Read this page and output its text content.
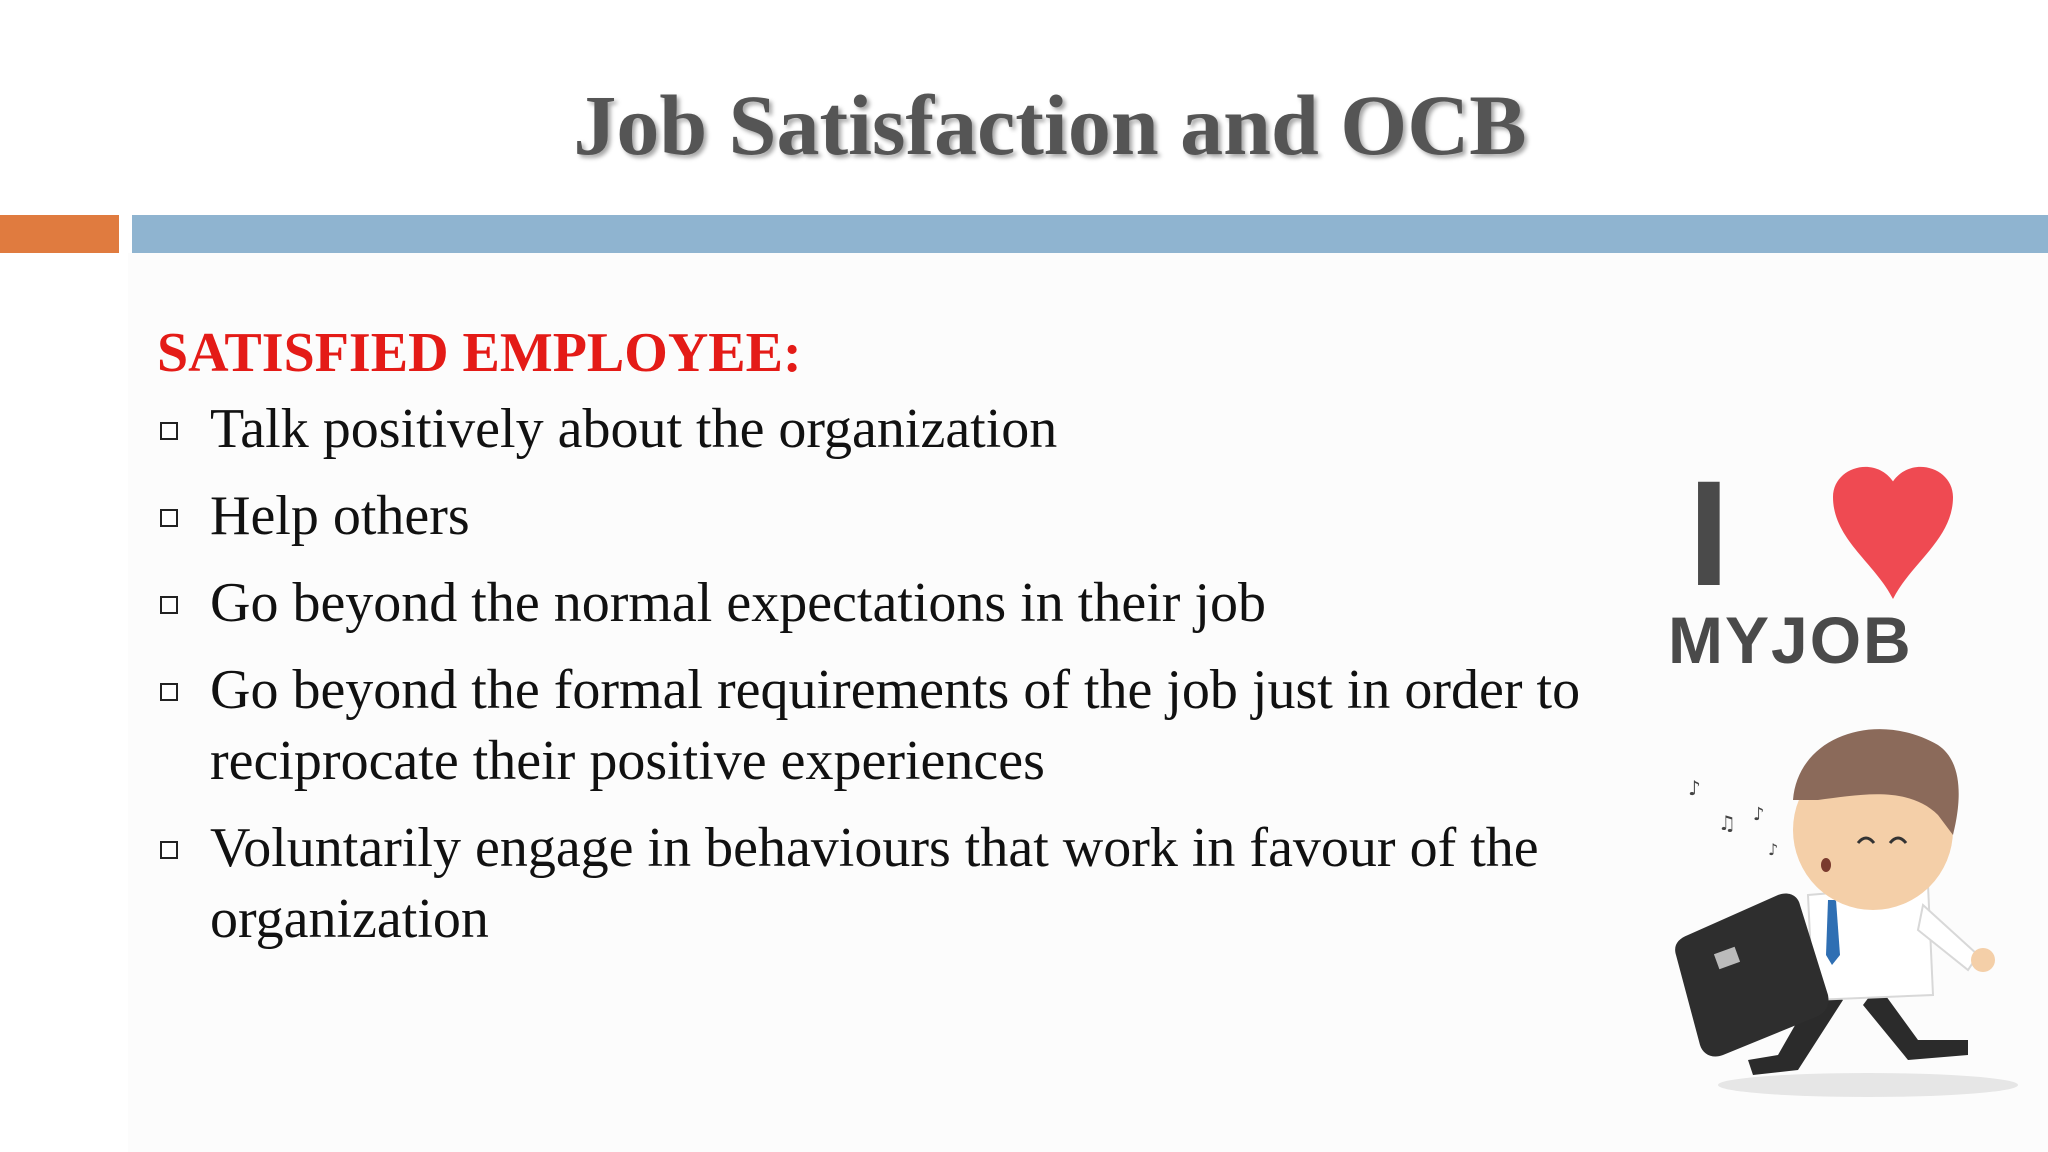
Job Satisfaction and OCB
SATISFIED EMPLOYEE:
Talk positively about the organization
Help others
Go beyond the normal expectations in their job
Go beyond the formal requirements of the job just in order to reciprocate their positive experiences
Voluntarily engage in behaviours that work in favour of the organization
I
MYJOB
♪
♫ ♪
♪
